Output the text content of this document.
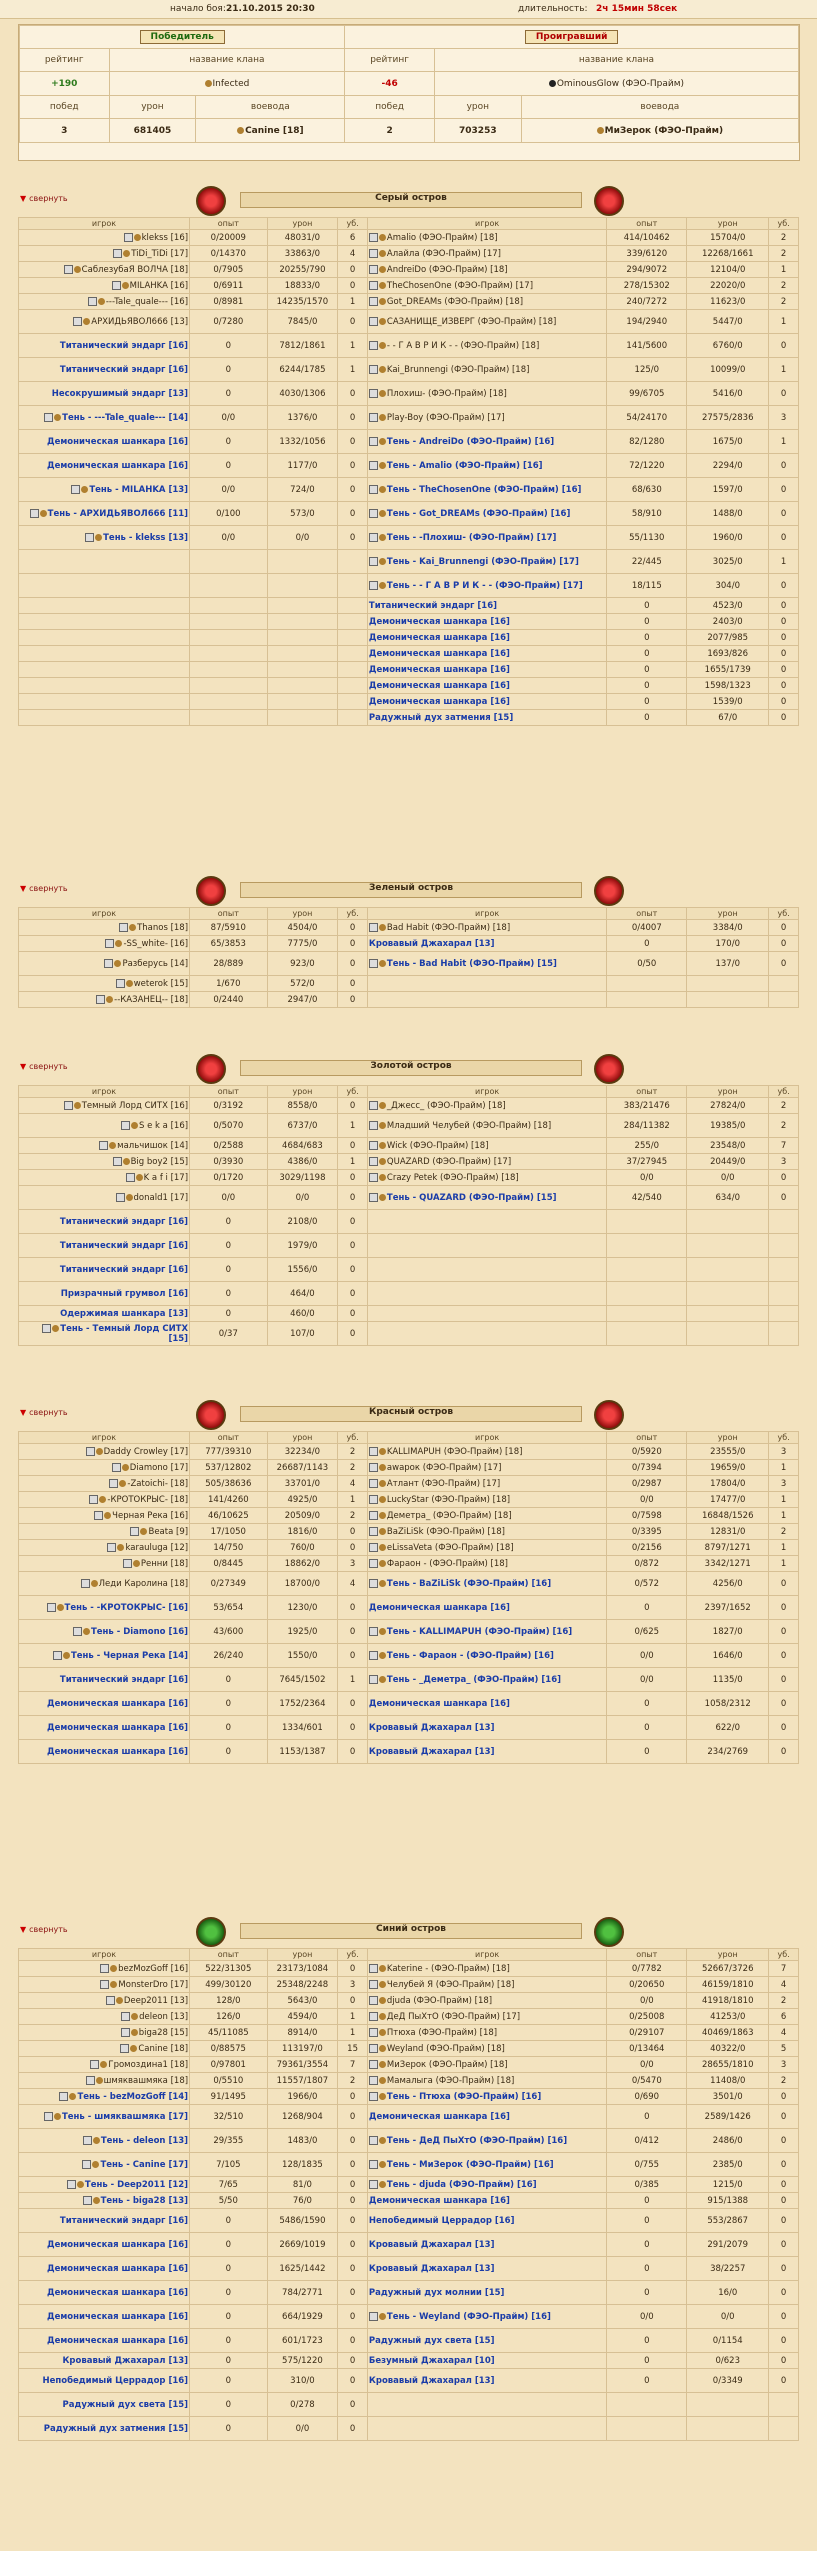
начало боя: 21.10.2015 20:30	длительность: 2ч 15мин 58сек
Победитель			Проигравший		
рейтинг	название клана		рейтинг	название клана	
+190	Infected		-46	OminousGlow (ФЭО-Прайм)	
побед	урон	воевода	побед	урон	воевода
3	681405	Canine [18]	2	703253	МиЗерок (ФЭО-Прайм)
▼ свернуть	Серый остров
игрок	опыт	урон	уб.	игрок	опыт	урон	уб.
klekss [16]	0/20009	48031/0	6	Amalio (ФЭО-Прайм) [18]	414/10462	15704/0	2
TiDi_TiDi [17]	0/14370	33863/0	4	Алайла (ФЭО-Прайм) [17]	339/6120	12268/1661	2
СаблезубаЯ ВОЛЧА [18]	0/7905	20255/790	0	AndreiDo (ФЭО-Прайм) [18]	294/9072	12104/0	1
MILAHKA [16]	0/6911	18833/0	0	TheChosenOne (ФЭО-Прайм) [17]	278/15302	22020/0	2
---Tale_quale--- [16]	0/8981	14235/1570	1	Got_DREAMs (ФЭО-Прайм) [18]	240/7272	11623/0	2
АРХИДЬЯВОЛ666 [13]	0/7280	7845/0	0	САЗАНИЩЕ_ИЗВЕРГ (ФЭО-Прайм) [18]	194/2940	5447/0	1
Титанический эндарг [16]	0	7812/1861	1	- - Г А В Р И К - - (ФЭО-Прайм) [18]	141/5600	6760/0	0
Титанический эндарг [16]	0	6244/1785	1	Kai_Brunnengi (ФЭО-Прайм) [18]	125/0	10099/0	1
Несокрушимый эндарг [13]	0	4030/1306	0	Плохиш- (ФЭО-Прайм) [18]	99/6705	5416/0	0
Тень - ---Tale_quale--- [14]	0/0	1376/0	0	Play-Boy (ФЭО-Прайм) [17]	54/24170	27575/2836	3
Демоническая шанкара [16]	0	1332/1056	0	Тень - AndreiDo (ФЭО-Прайм) [16]	82/1280	1675/0	1
Демоническая шанкара [16]	0	1177/0	0	Тень - Amalio (ФЭО-Прайм) [16]	72/1220	2294/0	0
Тень - MILAHKA [13]	0/0	724/0	0	Тень - TheChosenOne (ФЭО-Прайм) [16]	68/630	1597/0	0
Тень - АРХИДЬЯВОЛ666 [11]	0/100	573/0	0	Тень - Got_DREAMs (ФЭО-Прайм) [16]	58/910	1488/0	0
Тень - klekss [13]	0/0	0/0	0	Тень - -Плохиш- (ФЭО-Прайм) [17]	55/1130	1960/0	0
				Тень - Kai_Brunnengi (ФЭО-Прайм) [17]	22/445	3025/0	1
				Тень - - Г А В Р И К - - (ФЭО-Прайм) [17]	18/115	304/0	0
				Титанический эндарг [16]	0	4523/0	0
				Демоническая шанкара [16]	0	2403/0	0
				Демоническая шанкара [16]	0	2077/985	0
				Демоническая шанкара [16]	0	1693/826	0
				Демоническая шанкара [16]	0	1655/1739	0
				Демоническая шанкара [16]	0	1598/1323	0
				Демоническая шанкара [16]	0	1539/0	0
				Радужный дух затмения [15]	0	67/0	0
▼ свернуть	Зеленый остров
игрок	опыт	урон	уб.	игрок	опыт	урон	уб.
Thanos [18]	87/5910	4504/0	0	Bad Habit (ФЭО-Прайм) [18]	0/4007	3384/0	0
-SS_white- [16]	65/3853	7775/0	0	Кровавый Джахарал [13]	0	170/0	0
Разберусь [14]	28/889	923/0	0	Тень - Bad Habit (ФЭО-Прайм) [15]	0/50	137/0	0
weterok [15]	1/670	572/0	0				
--КАЗАНЕЦ-- [18]	0/2440	2947/0	0				
▼ свернуть	Золотой остров
игрок	опыт	урон	уб.	игрок	опыт	урон	уб.
Темный Лорд СИТХ [16]	0/3192	8558/0	0	_Джесс_ (ФЭО-Прайм) [18]	383/21476	27824/0	2
S e k a [16]	0/5070	6737/0	1	Младший Челубей (ФЭО-Прайм) [18]	284/11382	19385/0	2
мальчишок [14]	0/2588	4684/683	0	Wick (ФЭО-Прайм) [18]	255/0	23548/0	7
Big boy2 [15]	0/3930	4386/0	1	QUAZARD (ФЭО-Прайм) [17]	37/27945	20449/0	3
K a f i [17]	0/1720	3029/1198	0	Crazy Petek (ФЭО-Прайм) [18]	0/0	0/0	0
donald1 [17]	0/0	0/0	0	Тень - QUAZARD (ФЭО-Прайм) [15]	42/540	634/0	0
Титанический эндарг [16]	0	2108/0	0				
Титанический эндарг [16]	0	1979/0	0				
Титанический эндарг [16]	0	1556/0	0				
Призрачный грумвол [16]	0	464/0	0				
Одержимая шанкара [13]	0	460/0	0				
Тень - Темный Лорд СИТХ [15]	0/37	107/0	0				
▼ свернуть	Красный остров
игрок	опыт	урон	уб.	игрок	опыт	урон	уб.
Daddy Crowley [17]	777/39310	32234/0	2	KALLIMAPUH (ФЭО-Прайм) [18]	0/5920	23555/0	3
Diamono [17]	537/12802	26687/1143	2	awapoк (ФЭО-Прайм) [17]	0/7394	19659/0	1
-Zatoichi- [18]	505/38636	33701/0	4	Атлант (ФЭО-Прайм) [17]	0/2987	17804/0	3
-КРОТОКРЫС- [18]	141/4260	4925/0	1	LuckyStar (ФЭО-Прайм) [18]	0/0	17477/0	1
Черная Река [16]	46/10625	20509/0	2	Деметра_ (ФЭО-Прайм) [18]	0/7598	16848/1526	1
Beata [9]	17/1050	1816/0	0	BaZiLiSk (ФЭО-Прайм) [18]	0/3395	12831/0	2
karauluga [12]	14/750	760/0	0	eLissaVeta (ФЭО-Прайм) [18]	0/2156	8797/1271	1
Ренни [18]	0/8445	18862/0	3	Фараон - (ФЭО-Прайм) [18]	0/872	3342/1271	1
Леди Каролина [18]	0/27349	18700/0	4	Тень - BaZiLiSk (ФЭО-Прайм) [16]	0/572	4256/0	0
Тень - -КРОТОКРЫС- [16]	53/654	1230/0	0	Демоническая шанкара [16]	0	2397/1652	0
Тень - Diamono [16]	43/600	1925/0	0	Тень - KALLIMAPUH (ФЭО-Прайм) [16]	0/625	1827/0	0
Тень - Черная Река [14]	26/240	1550/0	0	Тень - Фараон - (ФЭО-Прайм) [16]	0/0	1646/0	0
Титанический эндарг [16]	0	7645/1502	1	Тень - _Деметра_ (ФЭО-Прайм) [16]	0/0	1135/0	0
Демоническая шанкара [16]	0	1752/2364	0	Демоническая шанкара [16]	0	1058/2312	0
Демоническая шанкара [16]	0	1334/601	0	Кровавый Джахарал [13]	0	622/0	0
Демоническая шанкара [16]	0	1153/1387	0	Кровавый Джахарал [13]	0	234/2769	0
▼ свернуть	Синий остров
игрок	опыт	урон	уб.	игрок	опыт	урон	уб.
bezMozGoff [16]	522/31305	23173/1084	0	Katerine - (ФЭО-Прайм) [18]	0/7782	52667/3726	7
MonsterDro [17]	499/30120	25348/2248	3	Челубей Я (ФЭО-Прайм) [18]	0/20650	46159/1810	4
Deep2011 [13]	128/0	5643/0	0	djuda (ФЭО-Прайм) [18]	0/0	41918/1810	2
deleon [13]	126/0	4594/0	1	ДеД ПыХтО (ФЭО-Прайм) [17]	0/25008	41253/0	6
biga28 [15]	45/11085	8914/0	1	Птюха (ФЭО-Прайм) [18]	0/29107	40469/1863	4
Canine [18]	0/88575	113197/0	15	Weyland (ФЭО-Прайм) [18]	0/13464	40322/0	5
Громоздина1 [18]	0/97801	79361/3554	7	МиЗерок (ФЭО-Прайм) [18]	0/0	28655/1810	3
шмяквашмяка [18]	0/5510	11557/1807	2	Мамалыга (ФЭО-Прайм) [18]	0/5470	11408/0	2
Тень - bezMozGoff [14]	91/1495	1966/0	0	Тень - Птюха (ФЭО-Прайм) [16]	0/690	3501/0	0
Тень - шмяквашмяка [17]	32/510	1268/904	0	Демоническая шанкара [16]	0	2589/1426	0
Тень - deleon [13]	29/355	1483/0	0	Тень - ДеД ПыХтО (ФЭО-Прайм) [16]	0/412	2486/0	0
Тень - Canine [17]	7/105	128/1835	0	Тень - МиЗерок (ФЭО-Прайм) [16]	0/755	2385/0	0
Тень - Deep2011 [12]	7/65	81/0	0	Тень - djuda (ФЭО-Прайм) [16]	0/385	1215/0	0
Тень - biga28 [13]	5/50	76/0	0	Демоническая шанкара [16]	0	915/1388	0
Титанический эндарг [16]	0	5486/1590	0	Непобедимый Церрадор [16]	0	553/2867	0
Демоническая шанкара [16]	0	2669/1019	0	Кровавый Джахарал [13]	0	291/2079	0
Демоническая шанкара [16]	0	1625/1442	0	Кровавый Джахарал [13]	0	38/2257	0
Демоническая шанкара [16]	0	784/2771	0	Радужный дух молнии [15]	0	16/0	0
Демоническая шанкара [16]	0	664/1929	0	Тень - Weyland (ФЭО-Прайм) [16]	0/0	0/0	0
Демоническая шанкара [16]	0	601/1723	0	Радужный дух света [15]	0	0/1154	0
Кровавый Джахарал [13]	0	575/1220	0	Безумный Джахарал [10]	0	0/623	0
Непобедимый Церрадор [16]	0	310/0	0	Кровавый Джахарал [13]	0	0/3349	0
Радужный дух света [15]	0	0/278	0				
Радужный дух затмения [15]	0	0/0	0				
